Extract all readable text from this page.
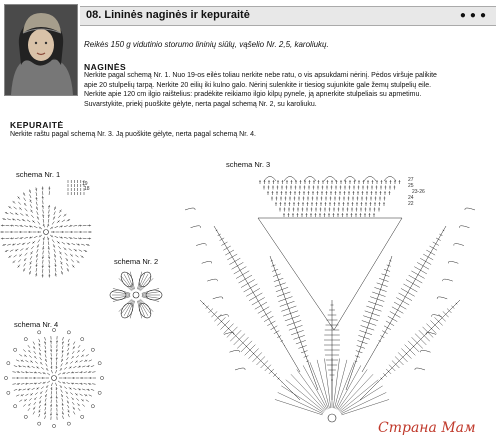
08. Lininės naginės ir kepuraitė	●●●
Reikės 150 g vidutinio storumo lininių siūlų, vąšelio Nr. 2,5, karoliukų.
NAGINĖS
Nerkite pagal schemą Nr. 1. Nuo 19-os eilės toliau nerkite nebe ratu, o vis apsukdami nėrinį. Pėdos viršuje palikite
apie 20 stulpelių tarpą. Nerkite 20 eilių iki kulno galo. Nėrinį sulenkite ir tiesiog sujunkite gale žemų stulpelių eile.
Nerkite apie 120 cm ilgio raištelius: pradėkite reikiamo ilgio kilpų pynele, ją apnerkite stulpeliais su apmetimu.
Suvarstykite, priekį puoškite gėlyte, nerta pagal schemą Nr. 2, su karoliuku.
KEPURAITĖ
Nerkite raštu pagal schemą Nr. 3. Ją puoškite gėlyte, nerta pagal schemą Nr. 4.
schema Nr. 1
schema Nr. 3
schema Nr. 2
schema Nr. 4
19
18
27
25
23-26
24
22
Страна Мам
